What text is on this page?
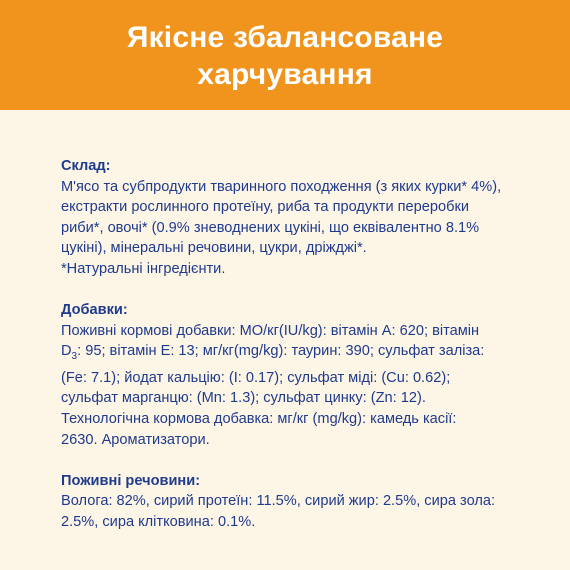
Якісне збалансоване
харчування
Склад:
М'ясо та субпродукти тваринного походження (з яких курки* 4%),
екстракти рослинного протеїну, риба та продукти переробки
риби*, овочі* (0.9% зневоднених цукіні, що еквівалентно 8.1%
цукіні), мінеральні речовини, цукри, дріжджі*.
*Натуральні інгредієнти.
Добавки:
Поживні кормові добавки: МО/кг(IU/kg): вітамін А: 620; вітамін
$D_3$: 95; вітамін Е: 13; мг/кг(mg/kg): таурин: 390; сульфат заліза:
(Fe: 7.1); йодат кальцію: (I: 0.17); сульфат міді: (Cu: 0.62);
сульфат марганцю: (Mn: 1.3); сульфат цинку: (Zn: 12).
Технологічна кормова добавка: мг/кг (mg/kg): камедь касії:
2630. Ароматизатори.
Поживні речовини:
Волога: 82%, сирий протеїн: 11.5%, сирий жир: 2.5%, сира зола:
2.5%, сира клітковина: 0.1%.
